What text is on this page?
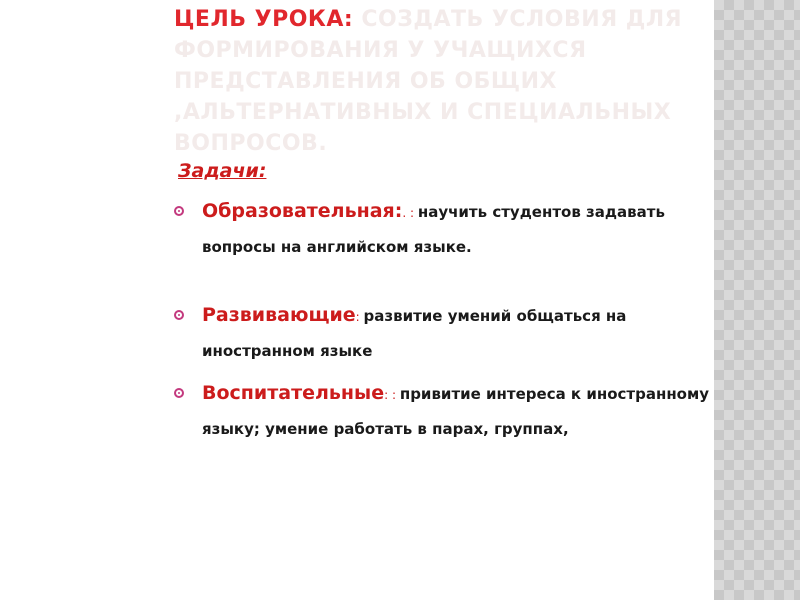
ЦЕЛЬ УРОКА: СОЗДАТЬ УСЛОВИЯ ДЛЯ ФОРМИРОВАНИЯ У УЧАЩИХСЯ ПРЕДСТАВЛЕНИЯ ОБ ОБЩИХ ,АЛЬТЕРНАТИВНЫХ И СПЕЦИАЛЬНЫХ ВОПРОСОВ.
Задачи:
Образовательная:. : научить студентов задавать вопросы на английском языке.
Развивающие: развитие умений общаться на иностранном языке
Воспитательные: : привитие интереса к иностранному языку; умение работать в парах, группах,
